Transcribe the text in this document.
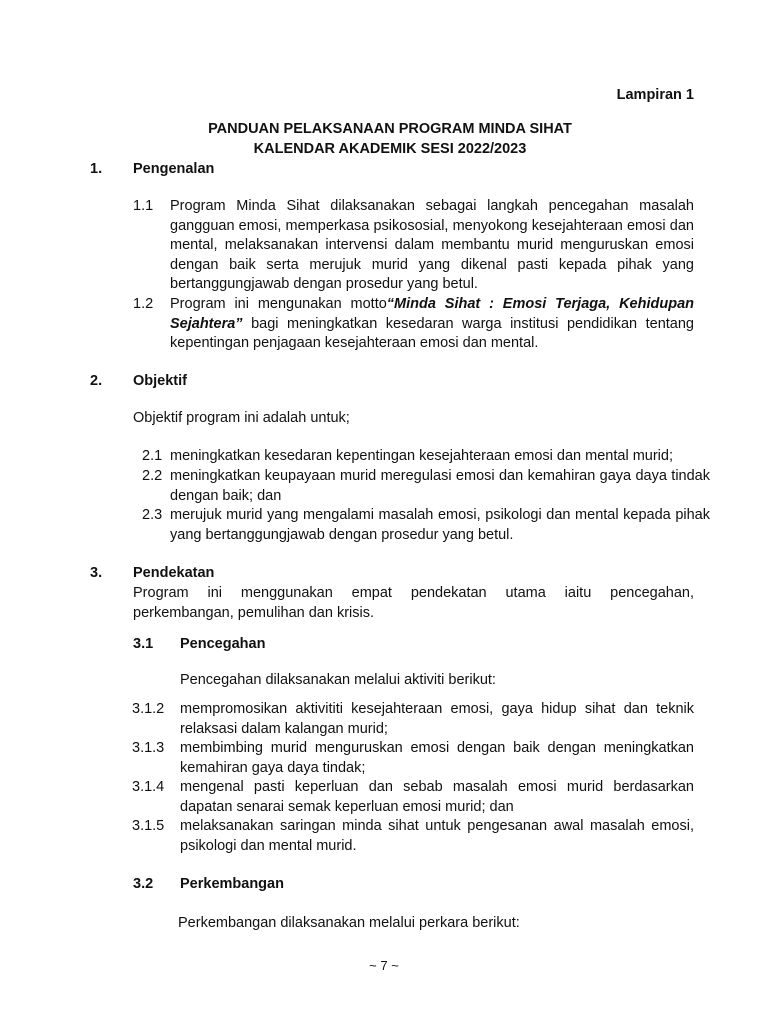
Lampiran 1
PANDUAN PELAKSANAAN PROGRAM MINDA SIHAT
KALENDAR AKADEMIK SESI 2022/2023
1. Pengenalan
1.1 Program Minda Sihat dilaksanakan sebagai langkah pencegahan masalah gangguan emosi, memperkasa psikososial, menyokong kesejahteraan emosi dan mental, melaksanakan intervensi dalam membantu murid menguruskan emosi dengan baik serta merujuk murid yang dikenal pasti kepada pihak yang bertanggungjawab dengan prosedur yang betul.
1.2 Program ini mengunakan motto“Minda Sihat : Emosi Terjaga, Kehidupan Sejahtera” bagi meningkatkan kesedaran warga institusi pendidikan tentang kepentingan penjagaan kesejahteraan emosi dan mental.
2. Objektif
Objektif program ini adalah untuk;
2.1 meningkatkan kesedaran kepentingan kesejahteraan emosi dan mental murid;
2.2 meningkatkan keupayaan murid meregulasi emosi dan kemahiran gaya daya tindak dengan baik; dan
2.3 merujuk murid yang mengalami masalah emosi, psikologi dan mental kepada pihak yang bertanggungjawab dengan prosedur yang betul.
3. Pendekatan
Program ini menggunakan empat pendekatan utama iaitu pencegahan, perkembangan, pemulihan dan krisis.
3.1 Pencegahan
Pencegahan dilaksanakan melalui aktiviti berikut:
3.1.2 mempromosikan aktivititi kesejahteraan emosi, gaya hidup sihat dan teknik relaksasi dalam kalangan murid;
3.1.3 membimbing murid menguruskan emosi dengan baik dengan meningkatkan kemahiran gaya daya tindak;
3.1.4 mengenal pasti keperluan dan sebab masalah emosi murid berdasarkan dapatan senarai semak keperluan emosi murid; dan
3.1.5 melaksanakan saringan minda sihat untuk pengesanan awal masalah emosi, psikologi dan mental murid.
3.2 Perkembangan
Perkembangan dilaksanakan melalui perkara berikut:
~ 7 ~
